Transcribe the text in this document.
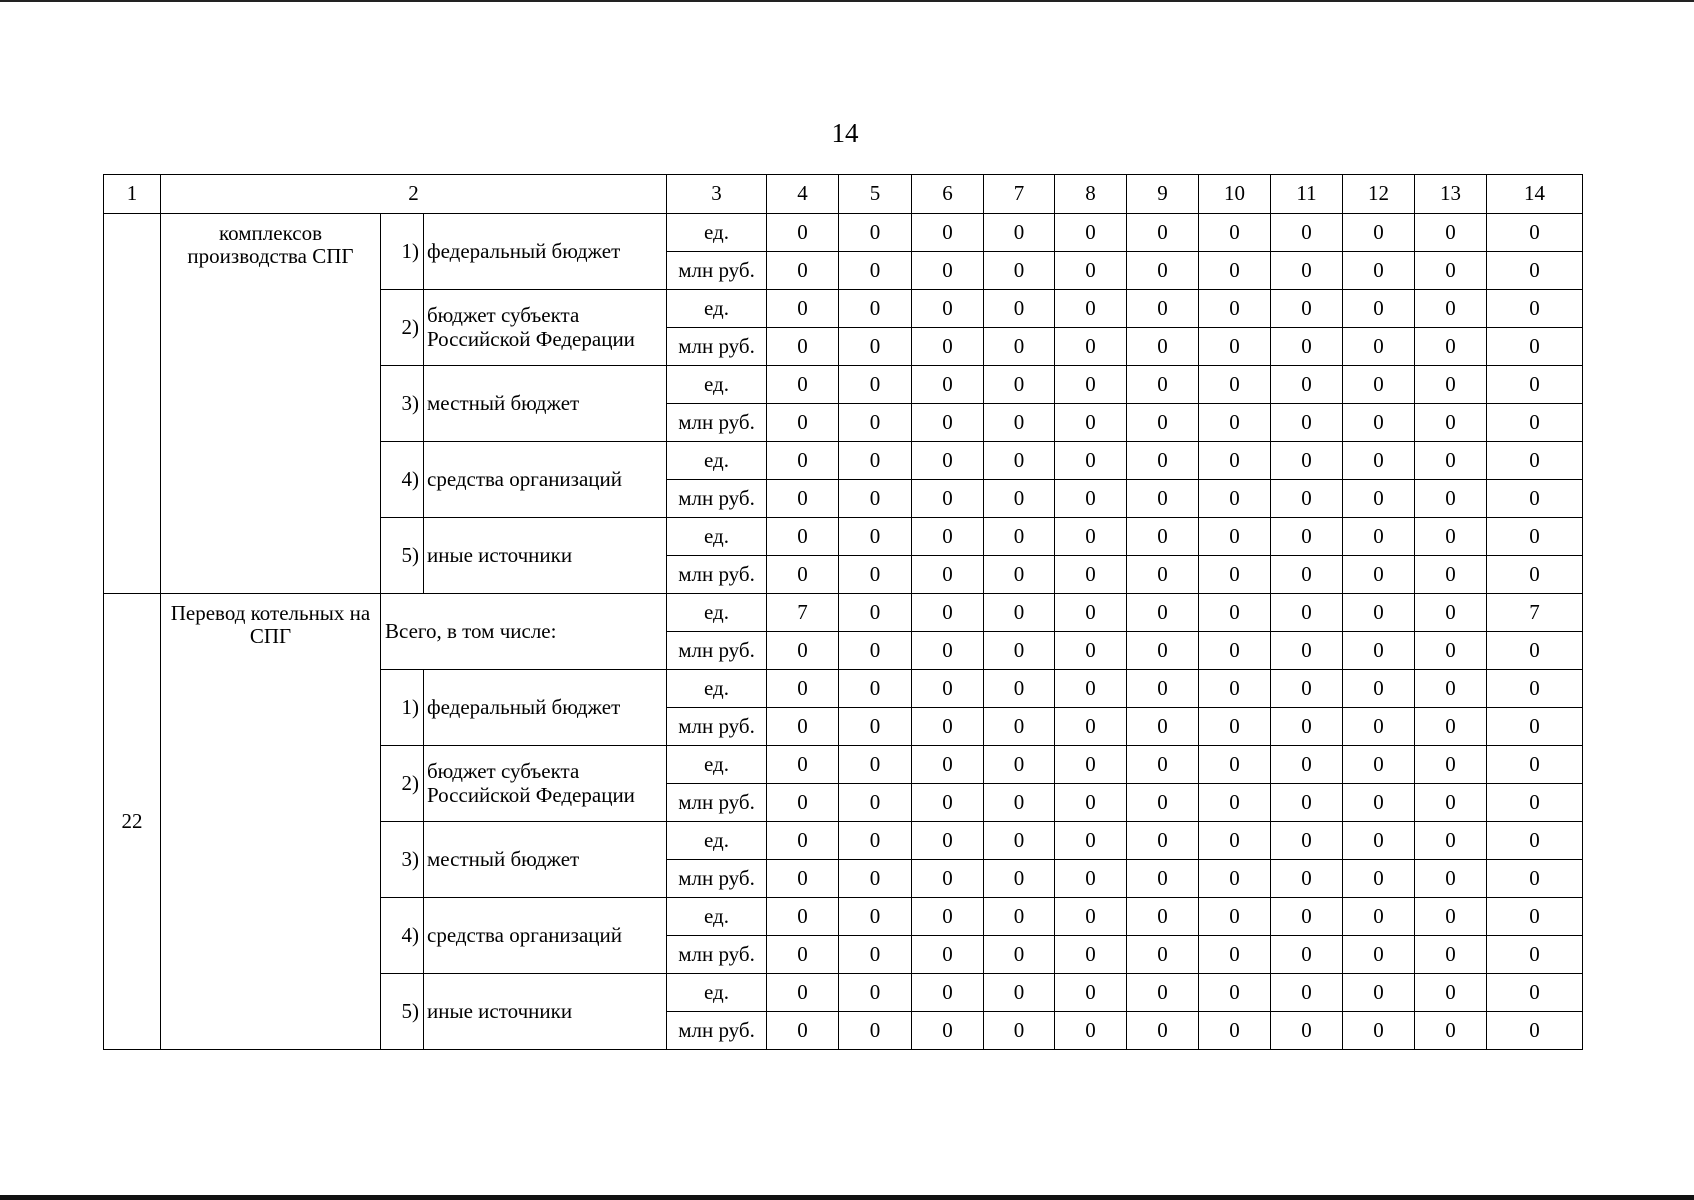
14
1	2			3	4	5	6	7	8	9	10	11	12	13	14
	комплексов производства СПГ	1)	федеральный бюджет	ед.	0	0	0	0	0	0	0	0	0	0	0
				млн руб.	0	0	0	0	0	0	0	0	0	0	0
		2)	бюджет субъекта Российской Федерации	ед.	0	0	0	0	0	0	0	0	0	0	0
				млн руб.	0	0	0	0	0	0	0	0	0	0	0
		3)	местный бюджет	ед.	0	0	0	0	0	0	0	0	0	0	0
				млн руб.	0	0	0	0	0	0	0	0	0	0	0
		4)	средства организаций	ед.	0	0	0	0	0	0	0	0	0	0	0
				млн руб.	0	0	0	0	0	0	0	0	0	0	0
		5)	иные источники	ед.	0	0	0	0	0	0	0	0	0	0	0
				млн руб.	0	0	0	0	0	0	0	0	0	0	0
22	Перевод котельных на СПГ	Всего, в том числе:		ед.	7	0	0	0	0	0	0	0	0	0	7
				млн руб.	0	0	0	0	0	0	0	0	0	0	0
		1)	федеральный бюджет	ед.	0	0	0	0	0	0	0	0	0	0	0
				млн руб.	0	0	0	0	0	0	0	0	0	0	0
		2)	бюджет субъекта Российской Федерации	ед.	0	0	0	0	0	0	0	0	0	0	0
				млн руб.	0	0	0	0	0	0	0	0	0	0	0
		3)	местный бюджет	ед.	0	0	0	0	0	0	0	0	0	0	0
				млн руб.	0	0	0	0	0	0	0	0	0	0	0
		4)	средства организаций	ед.	0	0	0	0	0	0	0	0	0	0	0
				млн руб.	0	0	0	0	0	0	0	0	0	0	0
		5)	иные источники	ед.	0	0	0	0	0	0	0	0	0	0	0
				млн руб.	0	0	0	0	0	0	0	0	0	0	0
